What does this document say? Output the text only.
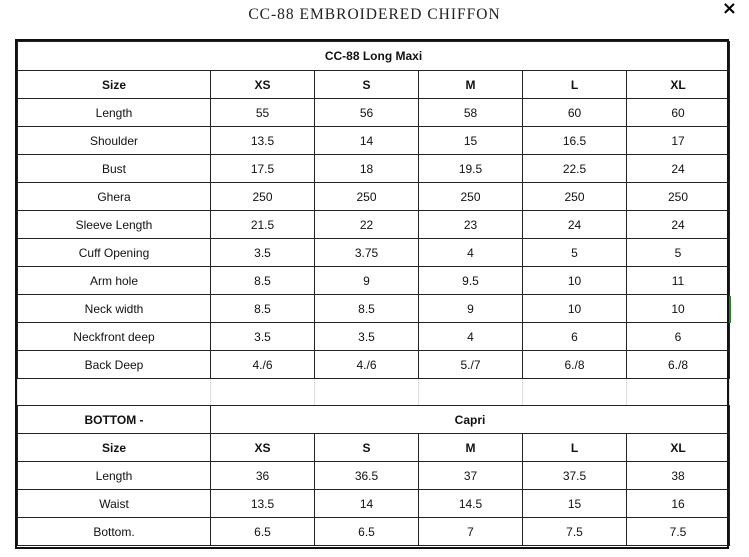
CC-88 EMBROIDERED CHIFFON	×
CC-88 Long Maxi					
Size	XS	S	M	L	XL
Length	55	56	58	60	60
Shoulder	13.5	14	15	16.5	17
Bust	17.5	18	19.5	22.5	24
Ghera	250	250	250	250	250
Sleeve Length	21.5	22	23	24	24
Cuff Opening	3.5	3.75	4	5	5
Arm hole	8.5	9	9.5	10	11
Neck width	8.5	8.5	9	10	10
Neckfront deep	3.5	3.5	4	6	6
Back Deep	4./6	4./6	5./7	6./8	6./8

BOTTOM -	Capri				
Size	XS	S	M	L	XL
Length	36	36.5	37	37.5	38
Waist	13.5	14	14.5	15	16
Bottom.	6.5	6.5	7	7.5	7.5
